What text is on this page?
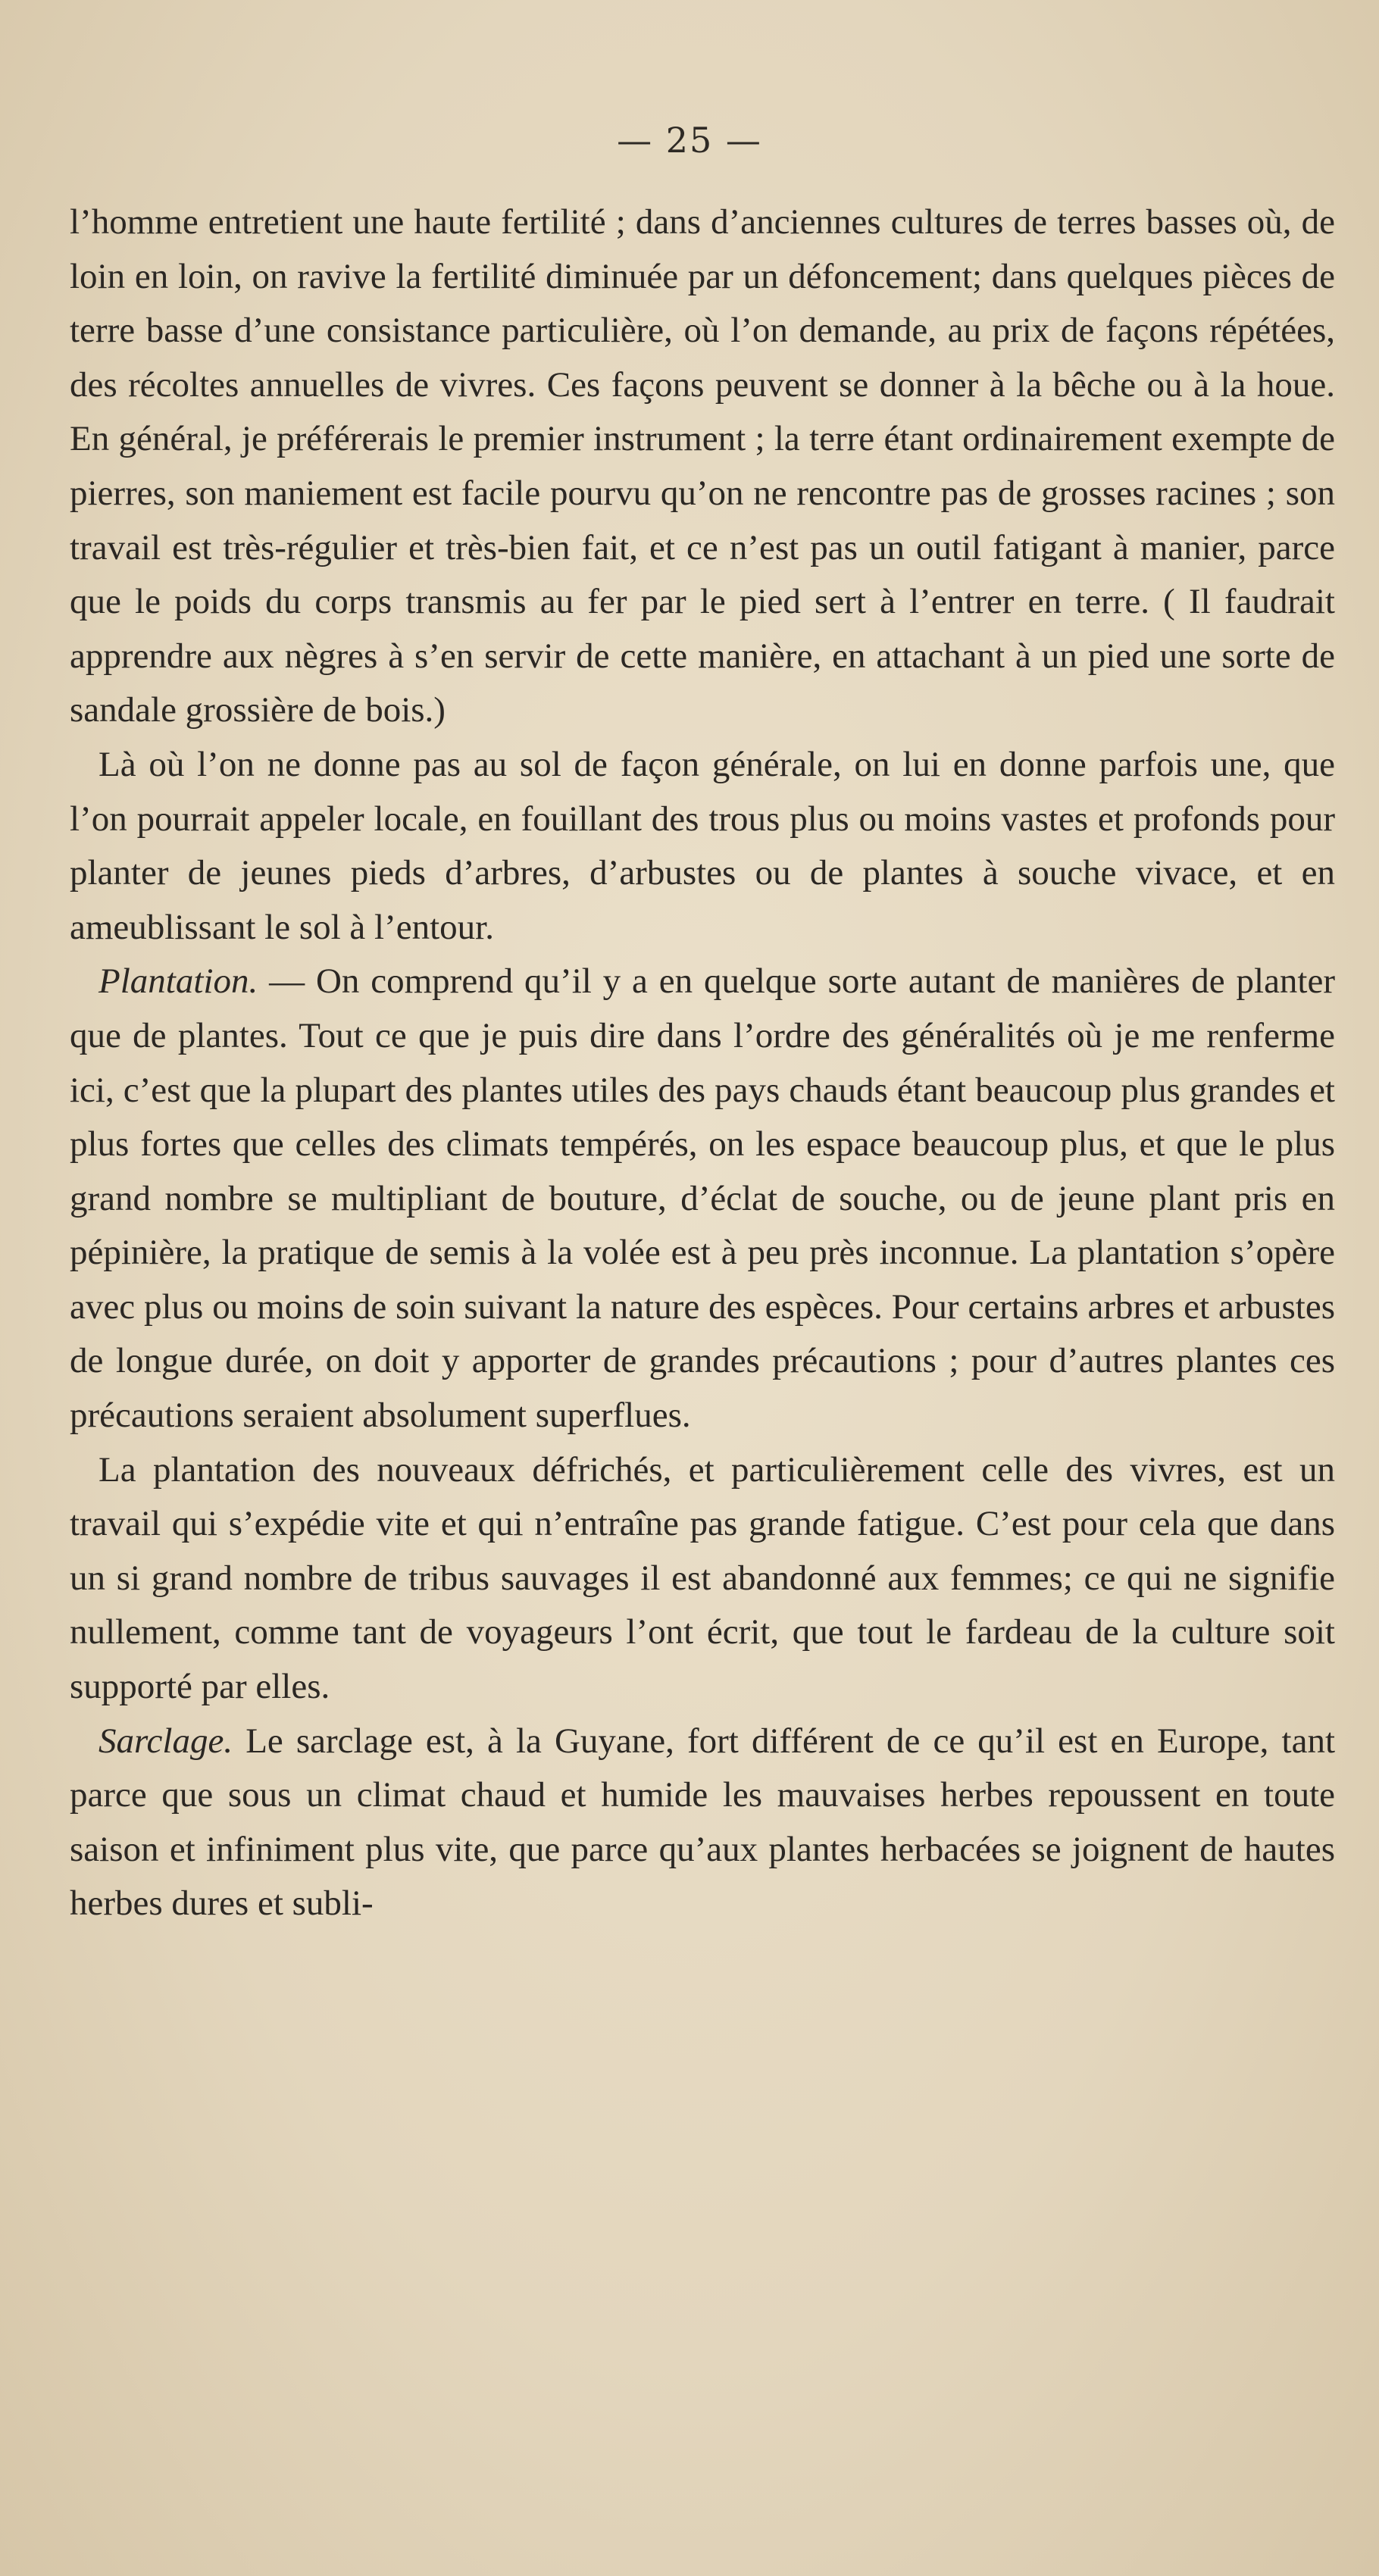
— 25 —

l’homme entretient une haute fertilité ; dans d’anciennes cultures de terres basses où, de loin en loin, on ravive la fertilité diminuée par un défoncement; dans quelques pièces de terre basse d’une consistance particulière, où l’on demande, au prix de façons répétées, des récoltes annuelles de vivres. Ces façons peuvent se donner à la bêche ou à la houe. En général, je préférerais le premier instrument ; la terre étant ordinairement exempte de pierres, son maniement est facile pourvu qu’on ne rencontre pas de grosses racines ; son travail est très-régulier et très-bien fait, et ce n’est pas un outil fatigant à manier, parce que le poids du corps transmis au fer par le pied sert à l’entrer en terre. ( Il faudrait apprendre aux nègres à s’en servir de cette manière, en attachant à un pied une sorte de sandale grossière de bois.)

Là où l’on ne donne pas au sol de façon générale, on lui en donne parfois une, que l’on pourrait appeler locale, en fouillant des trous plus ou moins vastes et profonds pour planter de jeunes pieds d’arbres, d’arbustes ou de plantes à souche vivace, et en ameublissant le sol à l’entour.

Plantation. — On comprend qu’il y a en quelque sorte autant de manières de planter que de plantes. Tout ce que je puis dire dans l’ordre des généralités où je me renferme ici, c’est que la plupart des plantes utiles des pays chauds étant beaucoup plus grandes et plus fortes que celles des climats tempérés, on les espace beaucoup plus, et que le plus grand nombre se multipliant de bouture, d’éclat de souche, ou de jeune plant pris en pépinière, la pratique de semis à la volée est à peu près inconnue. La plantation s’opère avec plus ou moins de soin suivant la nature des espèces. Pour certains arbres et arbustes de longue durée, on doit y apporter de grandes précautions ; pour d’autres plantes ces précautions seraient absolument superflues.

La plantation des nouveaux défrichés, et particulièrement celle des vivres, est un travail qui s’expédie vite et qui n’entraîne pas grande fatigue. C’est pour cela que dans un si grand nombre de tribus sauvages il est abandonné aux femmes; ce qui ne signifie nullement, comme tant de voyageurs l’ont écrit, que tout le fardeau de la culture soit supporté par elles.

Sarclage. Le sarclage est, à la Guyane, fort différent de ce qu’il est en Europe, tant parce que sous un climat chaud et humide les mauvaises herbes repoussent en toute saison et infiniment plus vite, que parce qu’aux plantes herbacées se joignent de hautes herbes dures et subli-
